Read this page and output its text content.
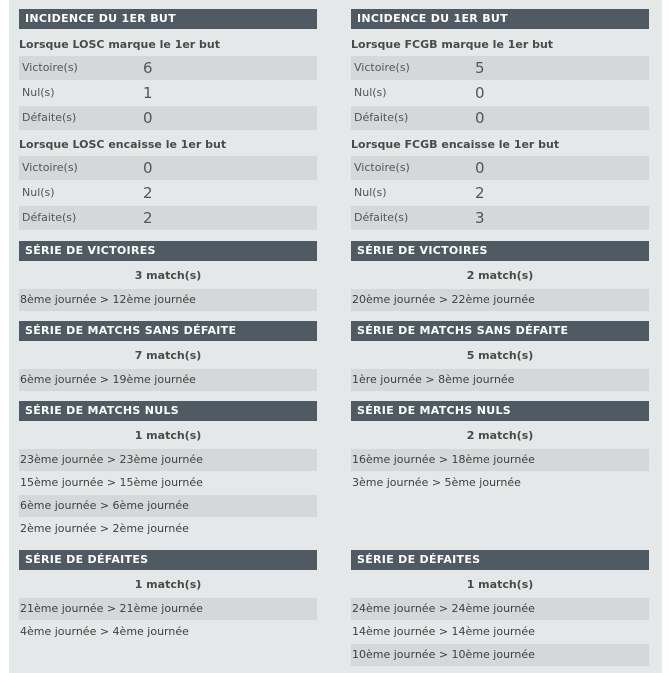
INCIDENCE DU 1ER BUT
Lorsque LOSC marque le 1er but
Victoire(s)	6
Nul(s)	1
Défaite(s)	0
Lorsque LOSC encaisse le 1er but
Victoire(s)	0
Nul(s)	2
Défaite(s)	2
SÉRIE DE VICTOIRES
3 match(s)
8ème journée > 12ème journée
SÉRIE DE MATCHS SANS DÉFAITE
7 match(s)
6ème journée > 19ème journée
SÉRIE DE MATCHS NULS
1 match(s)
23ème journée > 23ème journée
15ème journée > 15ème journée
6ème journée > 6ème journée
2ème journée > 2ème journée
SÉRIE DE DÉFAITES
1 match(s)
21ème journée > 21ème journée
4ème journée > 4ème journée
INCIDENCE DU 1ER BUT
Lorsque FCGB marque le 1er but
Victoire(s)	5
Nul(s)	0
Défaite(s)	0
Lorsque FCGB encaisse le 1er but
Victoire(s)	0
Nul(s)	2
Défaite(s)	3
SÉRIE DE VICTOIRES
2 match(s)
20ème journée > 22ème journée
SÉRIE DE MATCHS SANS DÉFAITE
5 match(s)
1ère journée > 8ème journée
SÉRIE DE MATCHS NULS
2 match(s)
16ème journée > 18ème journée
3ème journée > 5ème journée
SÉRIE DE DÉFAITES
1 match(s)
24ème journée > 24ème journée
14ème journée > 14ème journée
10ème journée > 10ème journée
